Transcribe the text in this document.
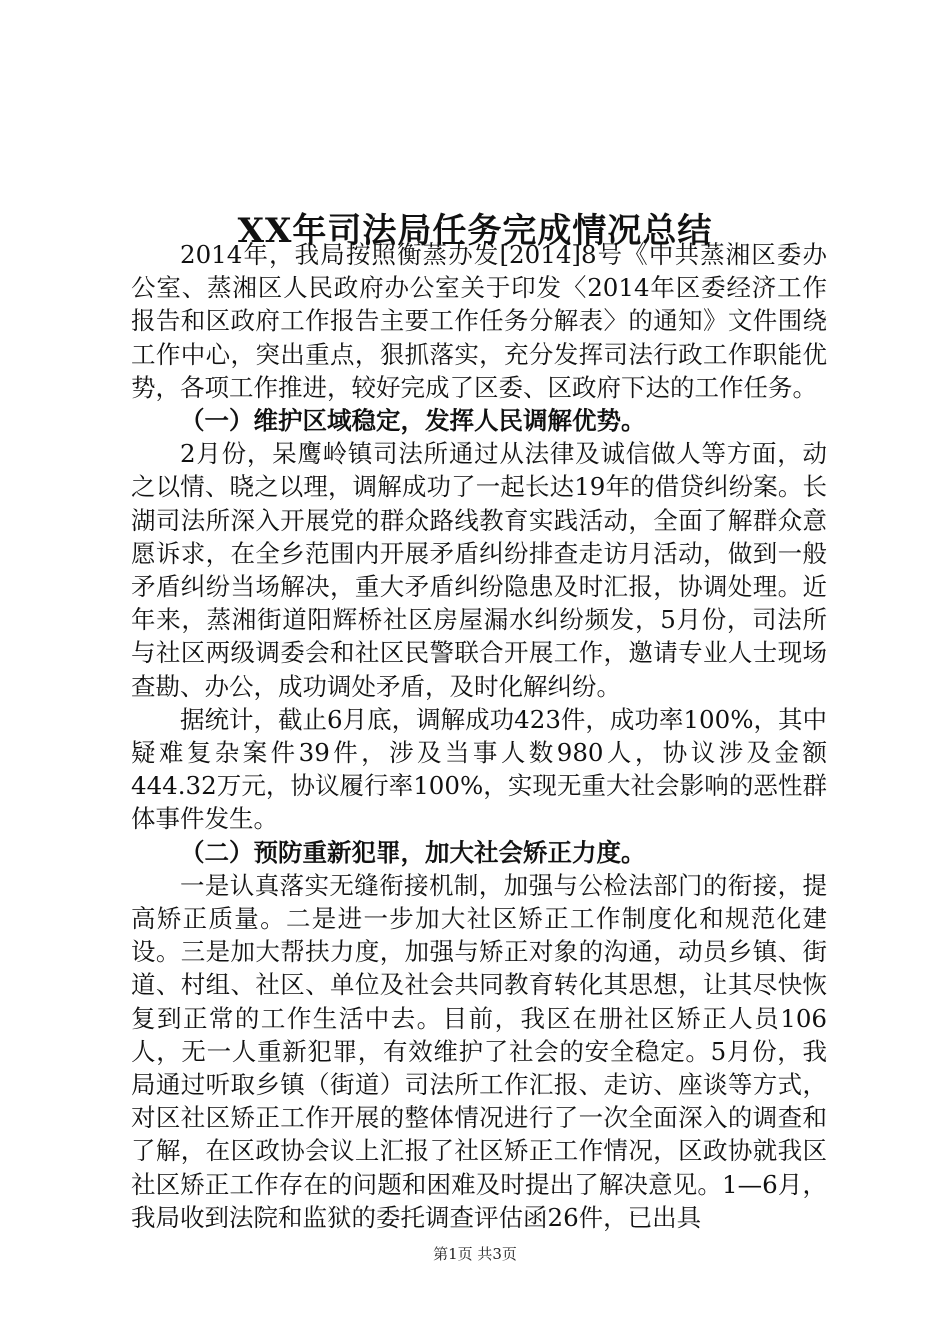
XX年司法局任务完成情况总结

2014年，我局按照衡蒸办发[2014]8号《中共蒸湘区委办公室、蒸湘区人民政府办公室关于印发〈2014年区委经济工作报告和区政府工作报告主要工作任务分解表〉的通知》文件围绕工作中心，突出重点，狠抓落实，充分发挥司法行政工作职能优势，各项工作推进，较好完成了区委、区政府下达的工作任务。

（一）维护区域稳定，发挥人民调解优势。

2月份，呆鹰岭镇司法所通过从法律及诚信做人等方面，动之以情、晓之以理，调解成功了一起长达19年的借贷纠纷案。长湖司法所深入开展党的群众路线教育实践活动，全面了解群众意愿诉求，在全乡范围内开展矛盾纠纷排查走访月活动，做到一般矛盾纠纷当场解决，重大矛盾纠纷隐患及时汇报，协调处理。近年来，蒸湘街道阳辉桥社区房屋漏水纠纷频发，5月份，司法所与社区两级调委会和社区民警联合开展工作，邀请专业人士现场查勘、办公，成功调处矛盾，及时化解纠纷。

据统计，截止6月底，调解成功423件，成功率100%，其中疑难复杂案件39件，涉及当事人数980人，协议涉及金额444.32万元，协议履行率100%，实现无重大社会影响的恶性群体事件发生。

（二）预防重新犯罪，加大社会矫正力度。

一是认真落实无缝衔接机制，加强与公检法部门的衔接，提高矫正质量。二是进一步加大社区矫正工作制度化和规范化建设。三是加大帮扶力度，加强与矫正对象的沟通，动员乡镇、街道、村组、社区、单位及社会共同教育转化其思想，让其尽快恢复到正常的工作生活中去。目前，我区在册社区矫正人员106人，无一人重新犯罪，有效维护了社会的安全稳定。5月份，我局通过听取乡镇（街道）司法所工作汇报、走访、座谈等方式，对区社区矫正工作开展的整体情况进行了一次全面深入的调查和了解，在区政协会议上汇报了社区矫正工作情况，区政协就我区社区矫正工作存在的问题和困难及时提出了解决意见。1—6月，我局收到法院和监狱的委托调查评估函26件，已出具

第1页 共3页
